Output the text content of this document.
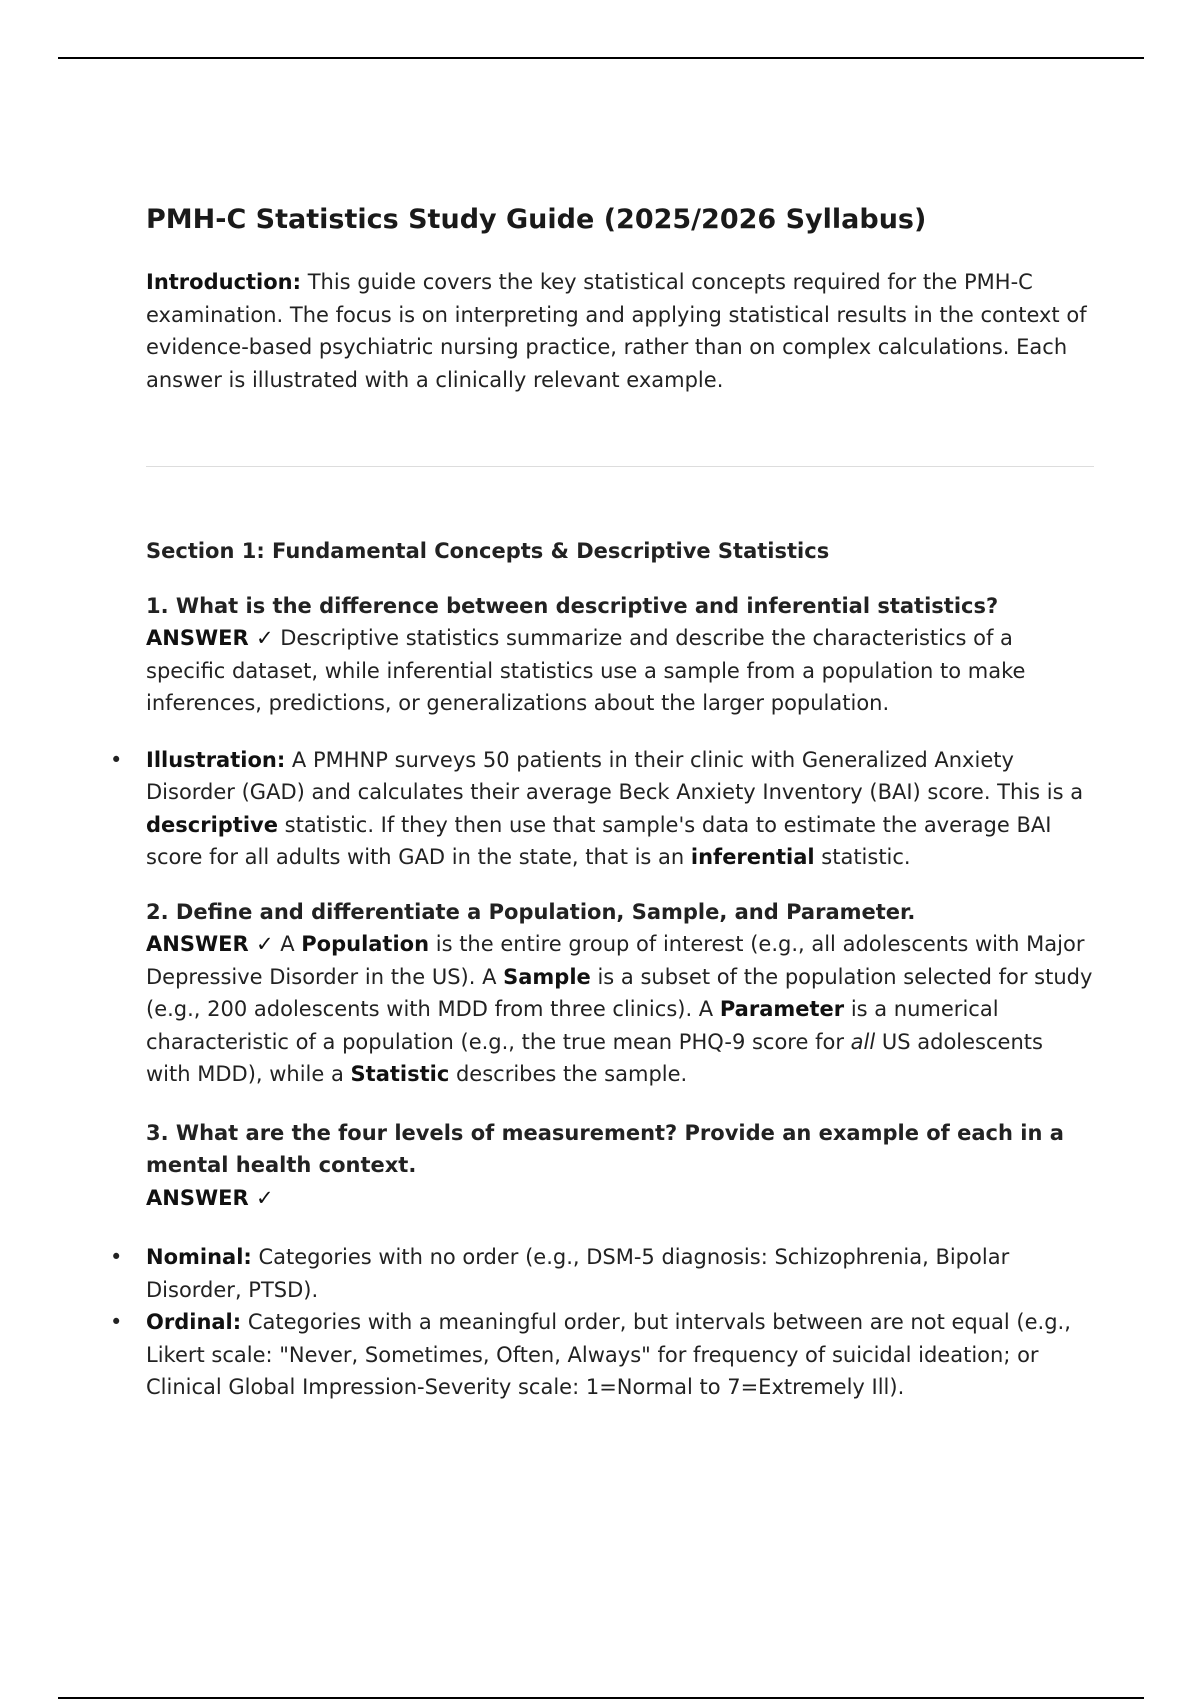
PMH-C Statistics Study Guide (2025/2026 Syllabus)

Introduction: This guide covers the key statistical concepts required for the PMH-C examination. The focus is on interpreting and applying statistical results in the context of evidence-based psychiatric nursing practice, rather than on complex calculations. Each answer is illustrated with a clinically relevant example.

Section 1: Fundamental Concepts & Descriptive Statistics

1. What is the difference between descriptive and inferential statistics?

ANSWER ✓ Descriptive statistics summarize and describe the characteristics of a specific dataset, while inferential statistics use a sample from a population to make inferences, predictions, or generalizations about the larger population.

• Illustration: A PMHNP surveys 50 patients in their clinic with Generalized Anxiety Disorder (GAD) and calculates their average Beck Anxiety Inventory (BAI) score. This is a descriptive statistic. If they then use that sample's data to estimate the average BAI score for all adults with GAD in the state, that is an inferential statistic.

2. Define and differentiate a Population, Sample, and Parameter.

ANSWER ✓ A Population is the entire group of interest (e.g., all adolescents with Major Depressive Disorder in the US). A Sample is a subset of the population selected for study (e.g., 200 adolescents with MDD from three clinics). A Parameter is a numerical characteristic of a population (e.g., the true mean PHQ-9 score for all US adolescents with MDD), while a Statistic describes the sample.

3. What are the four levels of measurement? Provide an example of each in a mental health context.

ANSWER ✓

• Nominal: Categories with no order (e.g., DSM-5 diagnosis: Schizophrenia, Bipolar Disorder, PTSD).
• Ordinal: Categories with a meaningful order, but intervals between are not equal (e.g., Likert scale: "Never, Sometimes, Often, Always" for frequency of suicidal ideation; or Clinical Global Impression-Severity scale: 1=Normal to 7=Extremely Ill).
